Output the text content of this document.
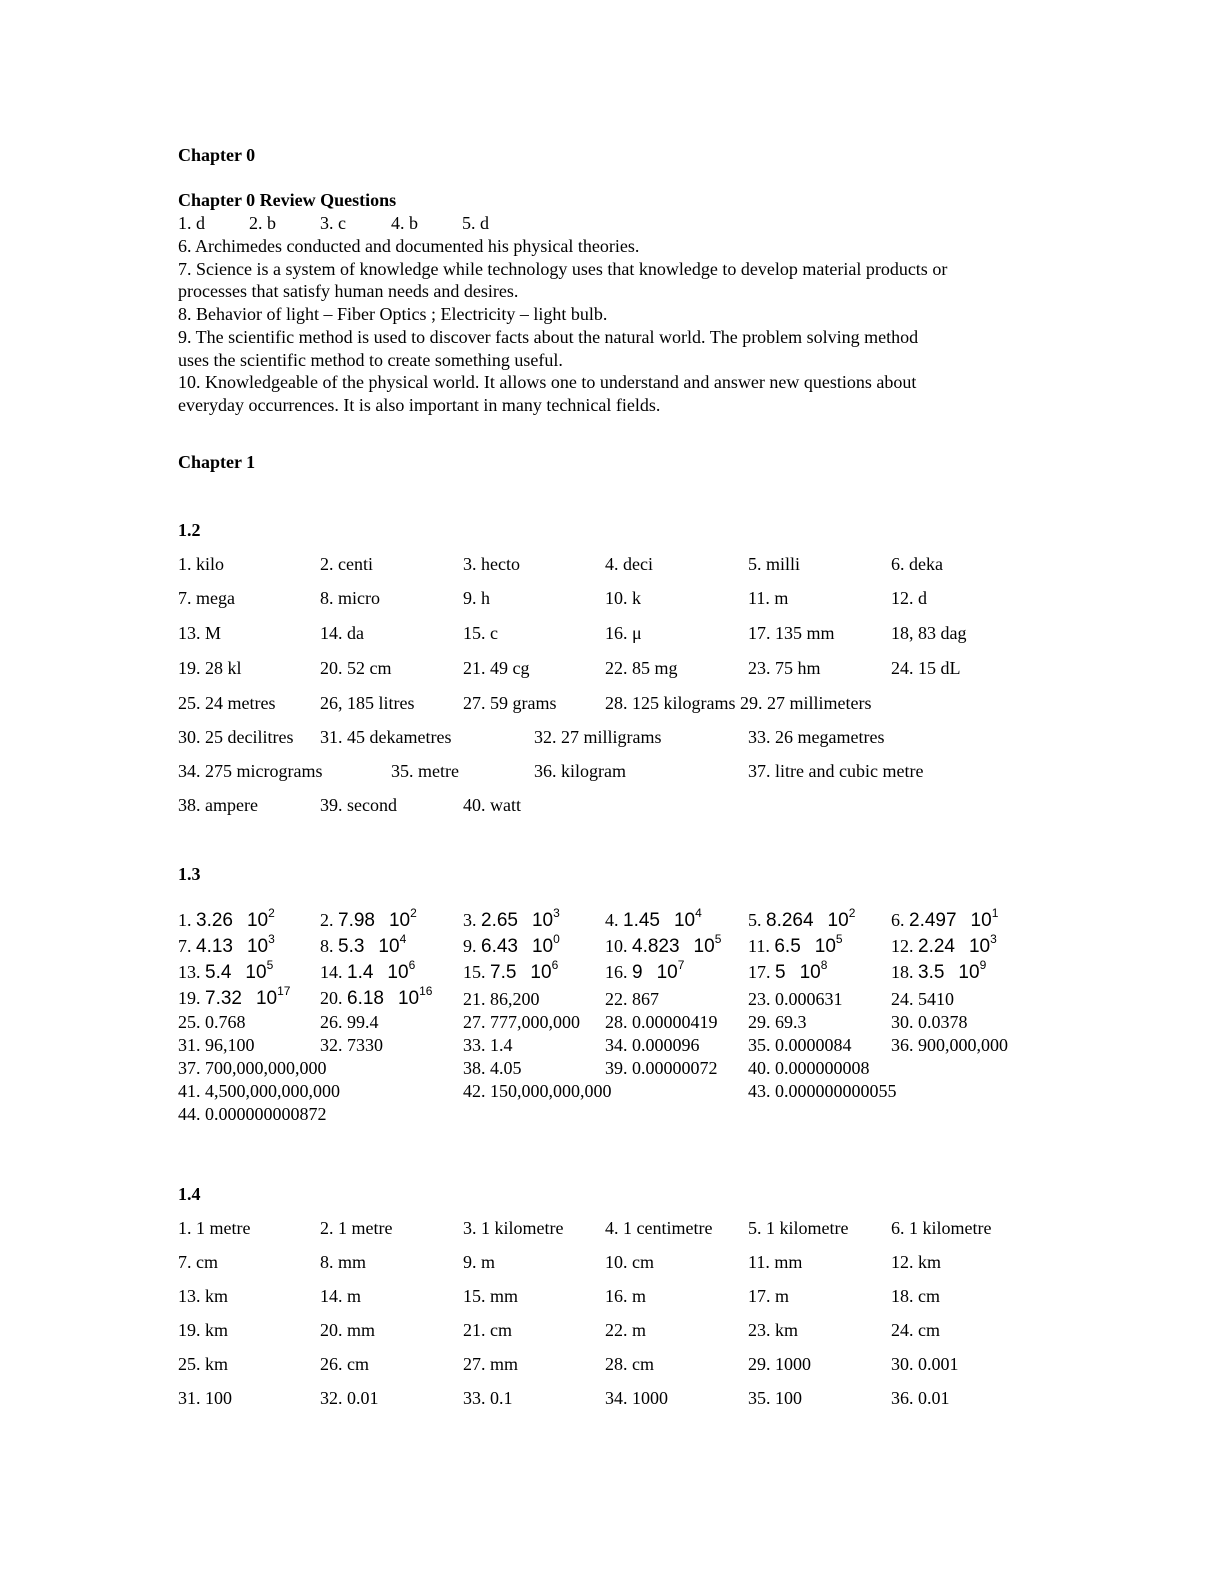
Chapter 0
Chapter 0 Review Questions
1. d 2. b 3. c	4. b 5. d
6. Archimedes conducted and documented his physical theories.
7. Science is a system of knowledge while technology uses that knowledge to develop material products or
processes that satisfy human needs and desires.
8. Behavior of light – Fiber Optics ; Electricity – light bulb.
9. The scientific method is used to discover facts about the natural world. The problem solving method
uses the scientific method to create something useful.
10. Knowledgeable of the physical world. It allows one to understand and answer new questions about
everyday occurrences. It is also important in many technical fields.
Chapter 1
1.2
1. kilo	2. centi	3. hecto	4. deci	5. milli	6. deka
7. mega	8. micro	9. h	10. k	11. m	12. d
13. M	14. da	15. c	16. μ	17. 135 mm	18, 83 dag
19. 28 kl	20. 52 cm	21. 49 cg	22. 85 mg	23. 75 hm	24. 15 dL
25. 24 metres 26, 185 litres	27. 59 grams	28. 125 kilograms 29. 27 millimeters
30. 25 decilitres 31. 45 dekametres	32. 27 milligrams	33. 26 megametres
34. 275 micrograms	35. metre	36. kilogram	37. litre and cubic metre
38. ampere	39. second	40. watt
1.3
1. 3.26 $10^2$	2. 7.98 $10^2$	3. 2.65 $10^3$	4. 1.45 $10^4$	5. 8.264 $10^2$ 6. 2.497 $10^1$
7. 4.13 $10^3$	8. 5.3 $10^4$	9. 6.43 $10^0$	10. 4.823 $10^5$ 11. 6.5 $10^5$	12. 2.24 $10^3$
13. 5.4 $10^5$	14. 1.4 $10^6$	15. 7.5 $10^6$	16. 9 $10^7$	17. 5 $10^8$	18. 3.5 $10^9$
19. 7.32 $10^{17}$ 20. 6.18 $10^{16}$ 21. 86,200	22. 867	23. 0.000631	24. 5410
25. 0.768	26. 99.4	27. 777,000,000 28. 0.00000419 29. 69.3	30. 0.0378
31. 96,100	32. 7330	33. 1.4	34. 0.000096	35. 0.0000084 36. 900,000,000
37. 700,000,000,000	38. 4.05	39. 0.00000072 40. 0.000000008
41. 4,500,000,000,000	42. 150,000,000,000	43. 0.000000000055
44. 0.000000000872
1.4
1. 1 metre	2. 1 metre	3. 1 kilometre 4. 1 centimetre 5. 1 kilometre 6. 1 kilometre
7. cm	8. mm	9. m	10. cm	11. mm	12. km
13. km	14. m	15. mm	16. m	17. m	18. cm
19. km	20. mm	21. cm	22. m	23. km	24. cm
25. km	26. cm	27. mm	28. cm	29. 1000	30. 0.001
31. 100	32. 0.01	33. 0.1	34. 1000	35. 100	36. 0.01
